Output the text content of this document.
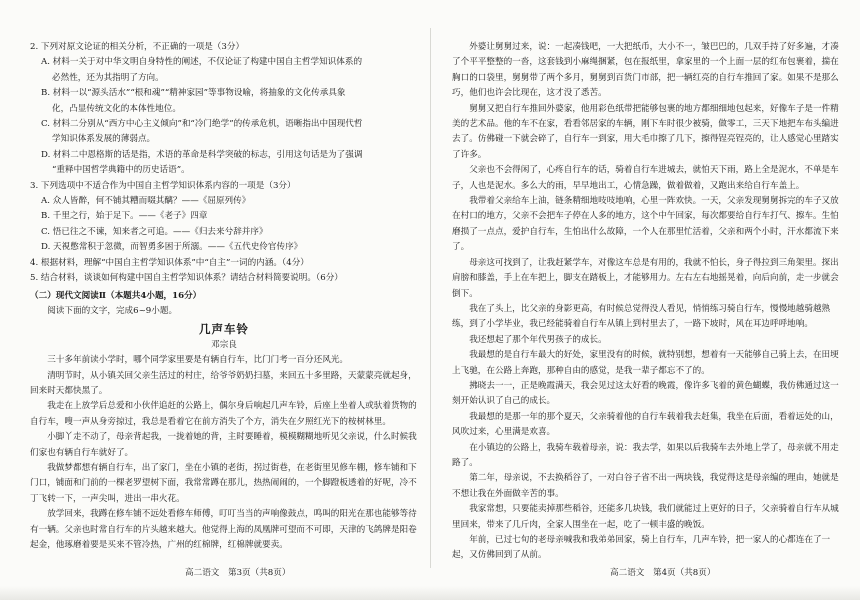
2. 下列对原文论证的相关分析，不正确的一项是（3分）

A. 材料一关于对中华文明自身特性的阐述，不仅论证了构建中国自主哲学知识体系的

必然性，还为其指明了方向。

B. 材料一以“源头活水”“根和魂”“精神家园”等事物设喻，将抽象的文化传承具象

化，凸显传统文化的本体性地位。

C. 材料二分别从“西方中心主义倾向”和“冷门绝学”的传承危机，语晰指出中国现代哲

学知识体系发展的薄弱点。

D. 材料二中恩格斯的话是指，术语的革命是科学突破的标志，引用这句话是为了强调

“重释中国哲学典籍中的历史话语”。

3. 下列选项中不适合作为中国自主哲学知识体系内容的一项是（3分）

A. 众人皆醉，何不铺其糟而啜其醨？——《屈原列传》

B. 千里之行，始于足下。——《老子》四章

C. 悟已往之不谏，知来者之可追。——《归去来兮辞并序》

D. 天視憋常积于忽微，而智勇多困于所溺。——《五代史伶官传序》

4. 根据材料，理解“中国自主哲学知识体系”中“自主”一词的内涵。（4分）

5. 结合材料，谈谈如何构建中国自主哲学知识体系？请结合材料简要说明。（6分）

（二）现代文阅读Ⅱ（本题共4小题，16分）

阅读下面的文字，完成6~9小题。

几声车铃

邓宗良

三十多年前读小学时，哪个同学家里要是有辆自行车，比门门考一百分还风光。

清明节时，从小镇关回父亲生活过的村庄，给爷爷奶奶扫墓，来回五十多里路，天蒙蒙亮就起身，回来时天都快黑了。

我走在上放学后总爱和小伙伴追赶的公路上，偶尔身后响起几声车铃，后座上坐着人或驮着货物的自行车，嗖一声从身旁掠过，我总是看着它在前方消失了个方，消失在夕照红光下的桉树林里。

小脚丫走不动了，母亲背起我，一拢着她的背，主时要睡着，模模糊糊地听见父亲说，什么时候我们家也有辆自行车就好了。

我做梦都想有辆自行车，出了家门，坐在小镇的老街，拐过街巷，在老街里见修车棚，修车铺和下门口，铺面和门前的一棵老罗望树下面，我常常蹲在那儿，热热闹闹的，一个脚蹬板透着的好呢，冷不丁飞转一下，一声尖叫，进出一串火花。

放学回来，我蹲在修车铺不远处看修车师傅，叮叮当当的声响像鼓点，鸣叫的阳光在那也能够等待有一辆。父亲也时常自行车的片头越来越大。他觉得上海的凤凰牌可望而不可即，天津的飞鸽牌是阳卷起金，他琢磨着要是买来不管冷热，广州的红棉牌，红棉牌就要卖。

外婆让舅舅过来，说：一起凑钱吧，一大把纸币，大小不一，皱巴巴的，几双手持了好多遍，才凑了个平平整整的一沓，这套钱到小麻绳捆紧，包在报纸里，拿家里的一个上面一层的红布包裹着，揣在胸口的口袋里，舅舅带了两个多月，舅舅到百货门市部，把一辆红亮的自行车推回了家。如果不是那么巧，他们也许会比现在，这才没了悉苦。

舅舅又把自行车推回外婆家，他用彩色纸带把能够包裹的地方都细细地包起来，好像车子是一件精美的艺术品。他的车不在家，看看邻居家的车辆，刚下车时很少被骑，做零工，三天下地把车布头编进去了。仿佛碰一下就会碎了，自行车一到家，用大毛巾擦了几下，擦得锃亮锃亮的，让人感觉心里踏实了许多。

父亲也不会得闲了，心疼自行车的话，骑着自行车进城去，就怕天下雨，路上全是泥水，不单是车子，人也是泥水。多么大的雨，早早地出工，心情急躁，做着做着，又跑出来给自行车盖上。

我带着父亲给车上油，链条精细地吱吱地响，心里一阵欢快。一天，父亲发现舅舅拆完的车子又放在村口的地方，父亲不会把车子停在人多的地方，这个中午回家，每次都要给自行车打气、擦车。生怕磨损了一点点，爱护自行车，生怕出什么故障，一个人在那里忙活着，父亲和两个小时，汗水都流下来了。

母亲这可找到了，让我赶紧学车，对像这车总是有用的，我就不怕长，身子得拉到三角架里。探出肩膀和膝盖，手上在车把上，脚支在踏板上，才能够用力。左右左右地摇晃着，向后向前，走一步就会倒下。

我在了头上，比父亲的身影更高，有时候总觉得没人看见，悄悄练习骑自行车，慢慢地越骑越熟练，到了小学毕业，我已经能骑着自行车从镇上到村里去了，一路下坡时，风在耳边呼呼地响。

我还想起了那个年代男孩子的成长。

我最想的是自行车最大的好处，家里没有的时候，就特别想，想着有一天能够自己骑上去，在田埂上飞驰，在公路上奔跑，那种自由的感觉，是我一辈子都忘不了的。

拂晓去一一，正是晚霞满天，我会见过这太好看的晚霞，像许多飞着的黄色蝴蝶，我仿佛通过这一刻开始认识了自己的成长。

我最想的是那一年的那个夏天，父亲骑着他的自行车载着我去赶集，我坐在后面，看着远处的山，风吹过来，心里满是欢喜。

在小镇边的公路上，我骑车载着母亲，说：我去学，如果以后我骑车去外地上学了，母亲就不用走路了。

第二年，母亲说，不去换稻谷了，一对白谷子省不出一两块钱，我觉得这是母亲编的理由，她就是不想让我在外面做辛苦的事。

我家常想，只要能卖掉那些稻谷，还能多几块钱，我们就能过上更好的日子，父亲骑着自行车从城里回来，带来了几斤肉，全家人围坐在一起，吃了一顿丰盛的晚饭。

年前，已过七旬的老母亲喊我和我弟弟回家，骑上自行车，几声车铃，把一家人的心都连在了一起，又仿佛回到了从前。

高二语文　第3页（共8页）	高二语文　第4页（共8页）
